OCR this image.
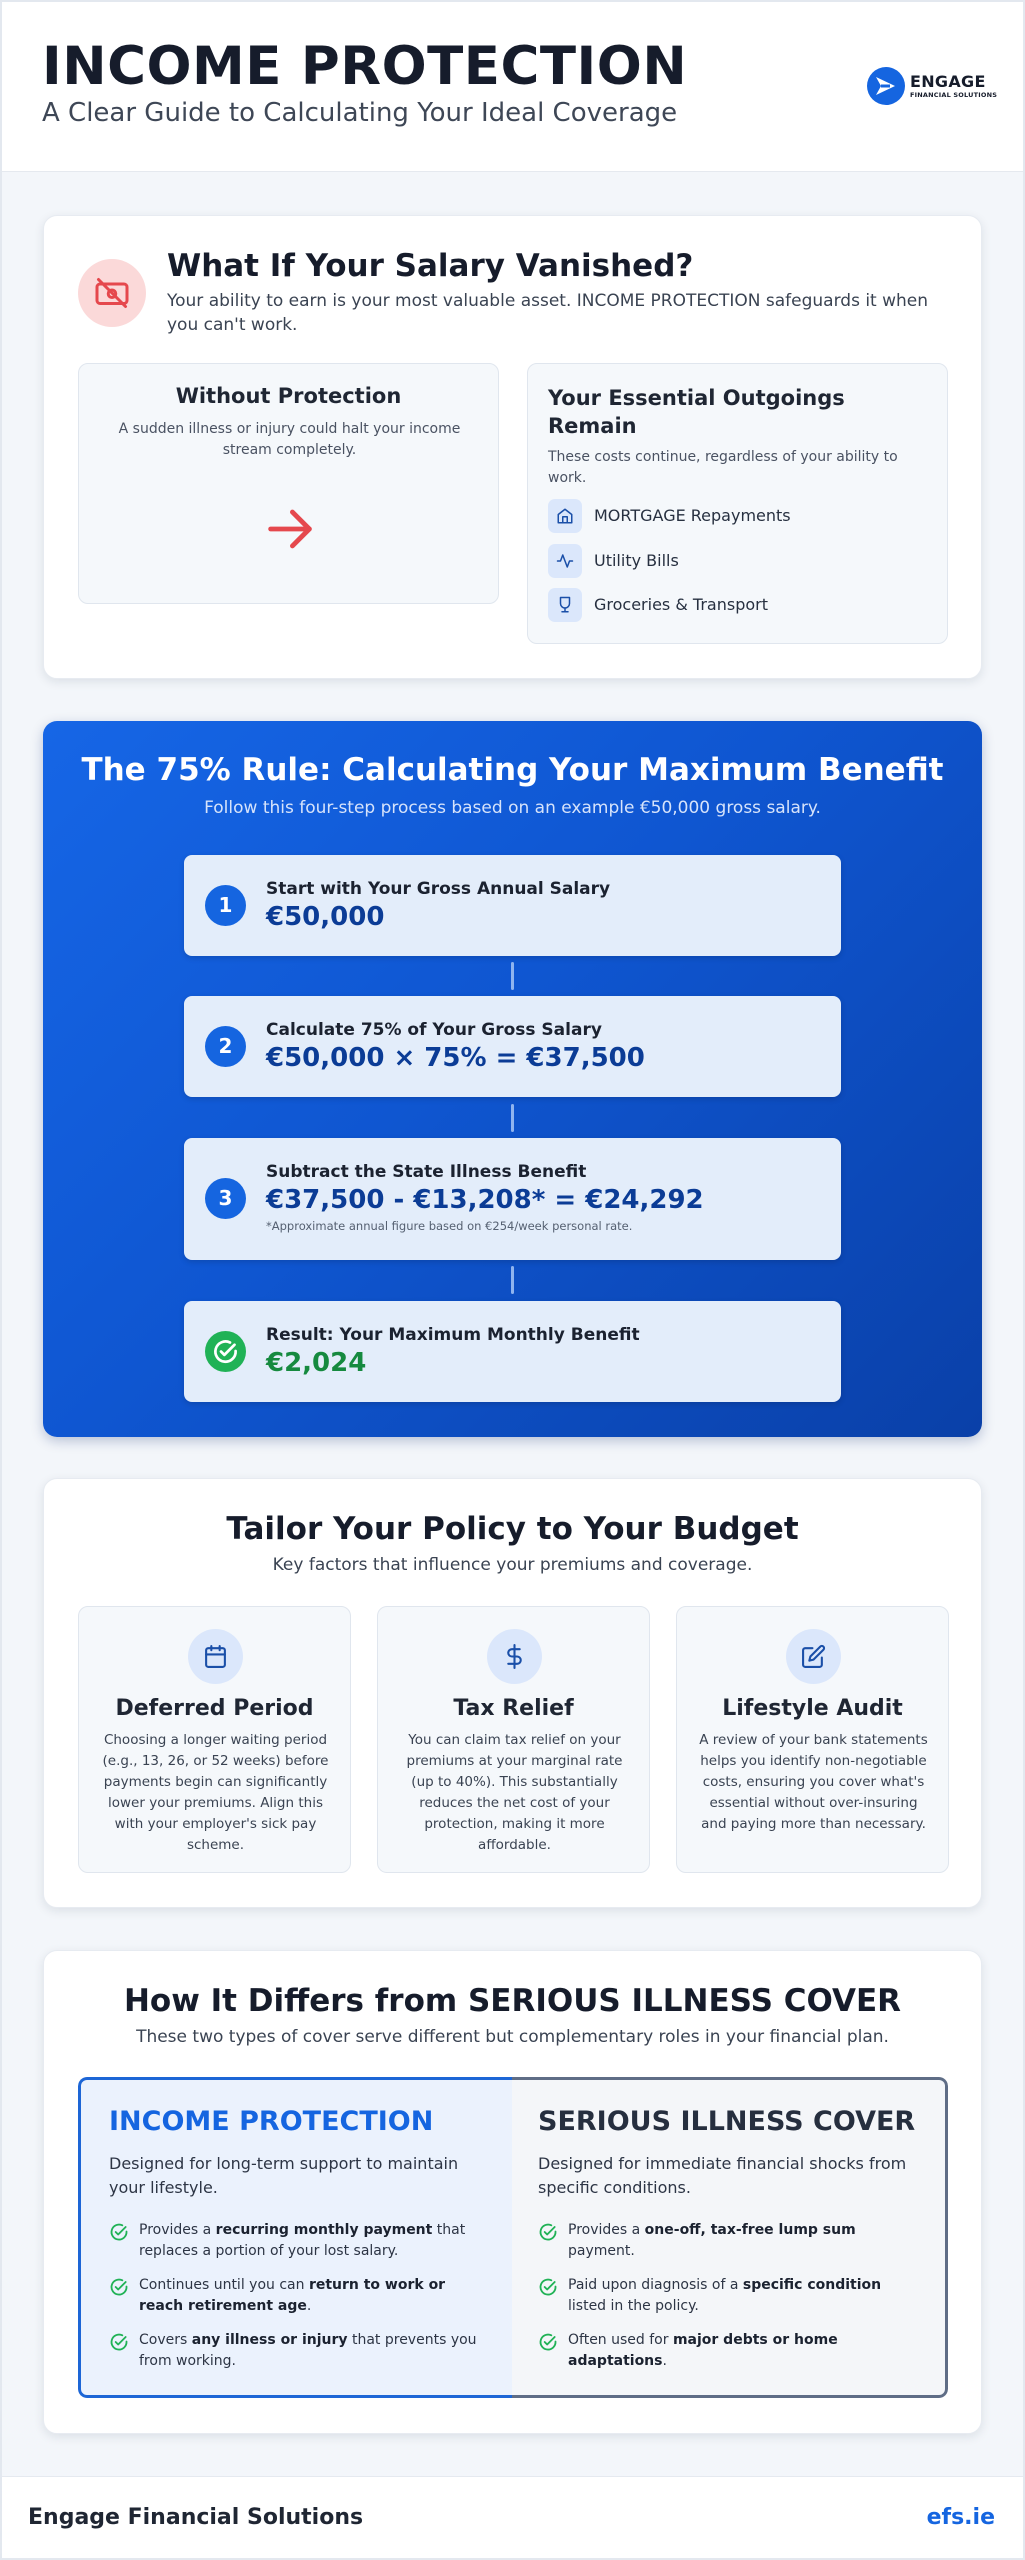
INCOME PROTECTION
A Clear Guide to Calculating Your Ideal Coverage
ENGAGE
FINANCIAL SOLUTIONS
What If Your Salary Vanished?
Your ability to earn is your most valuable asset. INCOME PROTECTION safeguards it when you can't work.
Without Protection
A sudden illness or injury could halt your income stream completely.
Your Essential Outgoings Remain
These costs continue, regardless of your ability to work.
MORTGAGE Repayments
Utility Bills
Groceries & Transport
The 75% Rule: Calculating Your Maximum Benefit
Follow this four-step process based on an example €50,000 gross salary.
1
Start with Your Gross Annual Salary
€50,000
2
Calculate 75% of Your Gross Salary
€50,000 × 75% = €37,500
3
Subtract the State Illness Benefit
€37,500 - €13,208* = €24,292
*Approximate annual figure based on €254/week personal rate.
Result: Your Maximum Monthly Benefit
€2,024
Tailor Your Policy to Your Budget
Key factors that influence your premiums and coverage.
Deferred Period
Choosing a longer waiting period (e.g., 13, 26, or 52 weeks) before payments begin can significantly lower your premiums. Align this with your employer's sick pay scheme.
Tax Relief
You can claim tax relief on your premiums at your marginal rate (up to 40%). This substantially reduces the net cost of your protection, making it more affordable.
Lifestyle Audit
A review of your bank statements helps you identify non-negotiable costs, ensuring you cover what's essential without over-insuring and paying more than necessary.
How It Differs from SERIOUS ILLNESS COVER
These two types of cover serve different but complementary roles in your financial plan.
INCOME PROTECTION
Designed for long-term support to maintain your lifestyle.
Provides a recurring monthly payment that replaces a portion of your lost salary.
Continues until you can return to work or reach retirement age.
Covers any illness or injury that prevents you from working.
SERIOUS ILLNESS COVER
Designed for immediate financial shocks from specific conditions.
Provides a one-off, tax-free lump sum payment.
Paid upon diagnosis of a specific condition listed in the policy.
Often used for major debts or home adaptations.
Engage Financial Solutions	efs.ie
